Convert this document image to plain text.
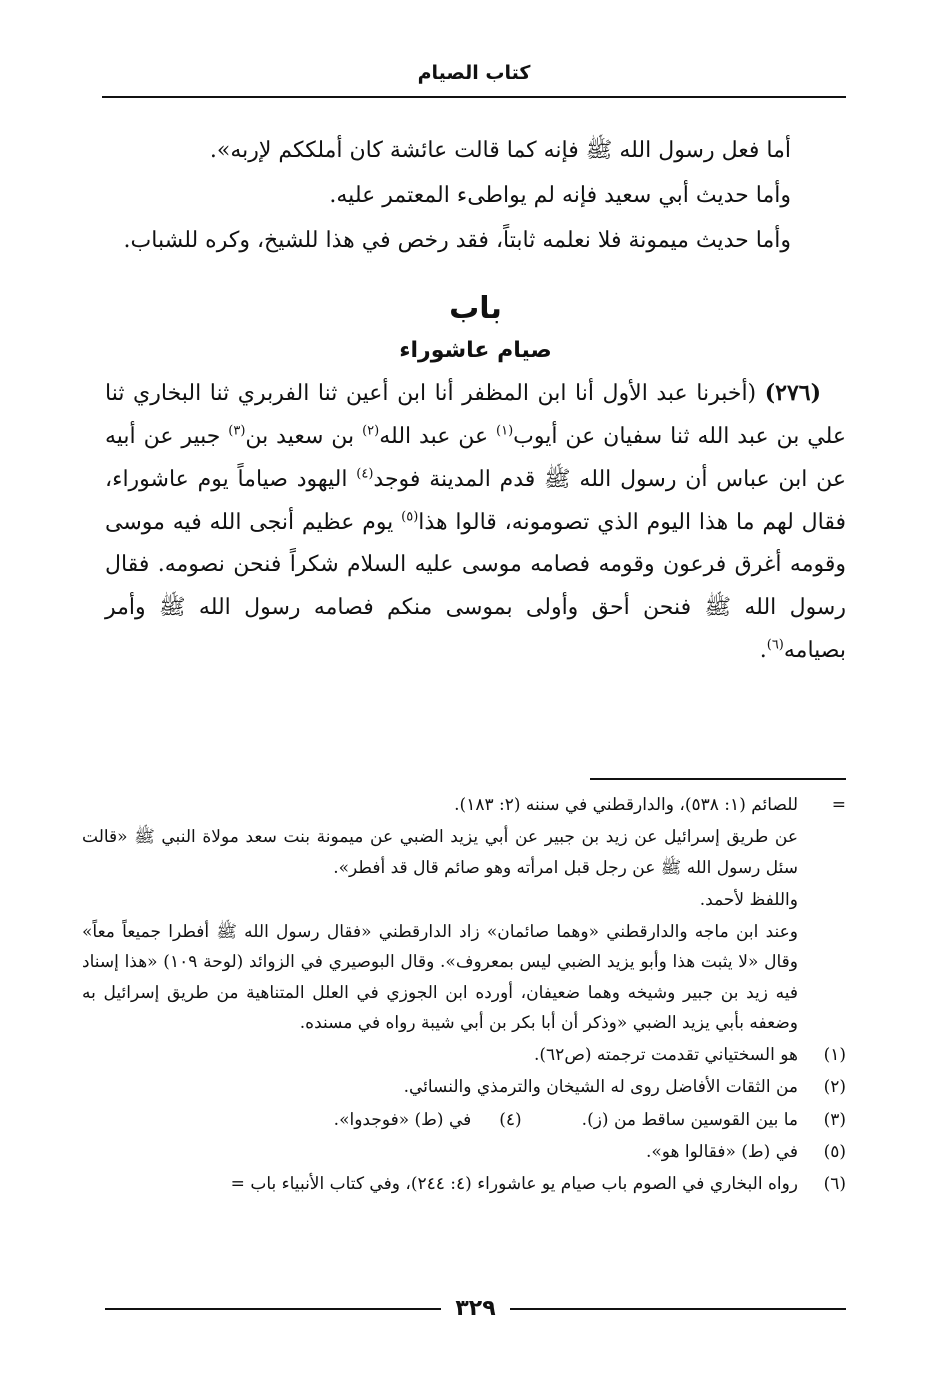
كتاب الصيام

أما فعل رسول الله ﷺ فإنه كما قالت عائشة كان أملككم لإربه».

وأما حديث أبي سعيد فإنه لم يواطىء المعتمر عليه.

وأما حديث ميمونة فلا نعلمه ثابتاً، فقد رخص في هذا للشيخ، وكره للشباب.

باب
صيام عاشوراء

(٢٧٦) (أخبرنا عبد الأول أنا ابن المظفر أنا ابن أعين ثنا الفربري ثنا البخاري ثنا علي بن عبد الله ثنا سفيان عن أيوب$^{(١)}$ عن عبد الله$^{(٢)}$ بن سعيد بن$^{(٣)}$ جبير عن أبيه عن ابن عباس أن رسول الله ﷺ قدم المدينة فوجد$^{(٤)}$ اليهود صياماً يوم عاشوراء، فقال لهم ما هذا اليوم الذي تصومونه، قالوا هذا$^{(٥)}$ يوم عظيم أنجى الله فيه موسى وقومه أغرق فرعون وقومه فصامه موسى عليه السلام شكراً فنحن نصومه. فقال رسول الله ﷺ فنحن أحق وأولى بموسى منكم فصامه رسول الله ﷺ وأمر بصيامه$^{(٦)}$.

=
للصائم (١: ٥٣٨)، والدارقطني في سننه (٢: ١٨٣).
عن طريق إسرائيل عن زيد بن جبير عن أبي يزيد الضبي عن ميمونة بنت سعد مولاة النبي ﷺ «قالت سئل رسول الله ﷺ عن رجل قبل امرأته وهو صائم قال قد أفطر».
واللفظ لأحمد.
وعند ابن ماجه والدارقطني «وهما صائمان» زاد الدارقطني «فقال رسول الله ﷺ أفطرا جميعاً معاً» وقال «لا يثبت هذا وأبو يزيد الضبي ليس بمعروف». وقال البوصيري في الزوائد (لوحة ١٠٩) «هذا إسناد فيه زيد بن جبير وشيخه وهما ضعيفان، أورده ابن الجوزي في العلل المتناهية من طريق إسرائيل به وضعفه بأبي يزيد الضبي «وذكر أن أبا بكر بن أبي شيبة رواه في مسنده.
(١)
هو السختياني تقدمت ترجمته (ص٦٢).
(٢)
من الثقات الأفاضل روى له الشيخان والترمذي والنسائي.
(٣)
ما بين القوسين ساقط من (ز).
(٤)
في (ط) «فوجدوا».
(٥)
في (ط) «فقالوا هو».
(٦)
رواه البخاري في الصوم باب صيام يو عاشوراء (٤: ٢٤٤)، وفي كتاب الأنبياء باب =
٣٢٩
